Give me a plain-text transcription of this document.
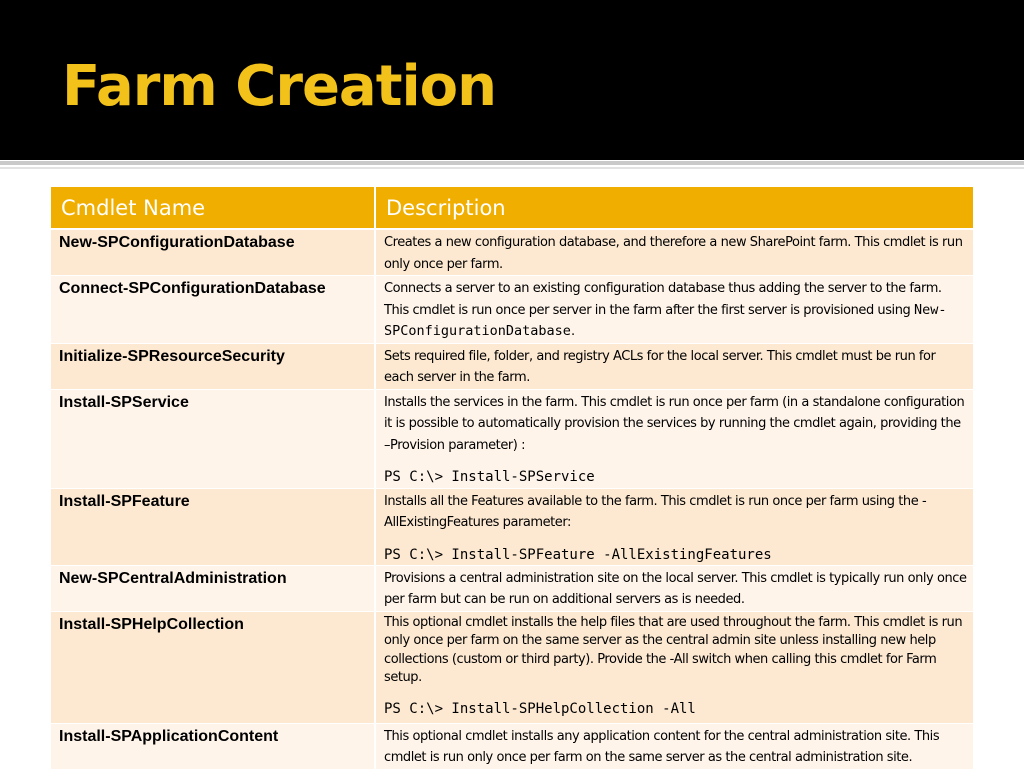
Farm Creation
Cmdlet Name	Description
New-SPConfigurationDatabase	Creates a new configuration database, and therefore a new SharePoint farm. This cmdlet is run only once per farm.
Connect-SPConfigurationDatabase	Connects a server to an existing configuration database thus adding the server to the farm. This cmdlet is run once per server in the farm after the first server is provisioned using New-SPConfigurationDatabase.
Initialize-SPResourceSecurity	Sets required file, folder, and registry ACLs for the local server. This cmdlet must be run for each server in the farm.
Install-SPService	Installs the services in the farm. This cmdlet is run once per farm (in a standalone configuration it is possible to automatically provision the services by running the cmdlet again, providing the –Provision parameter) :
PS C:\> Install-SPService

Install-SPFeature	Installs all the Features available to the farm. This cmdlet is run once per farm using the -AllExistingFeatures parameter:
PS C:\> Install-SPFeature -AllExistingFeatures

New-SPCentralAdministration	Provisions a central administration site on the local server. This cmdlet is typically run only once per farm but can be run on additional servers as is needed.
Install-SPHelpCollection	This optional cmdlet installs the help files that are used throughout the farm. This cmdlet is run only once per farm on the same server as the central admin site unless installing new help collections (custom or third party). Provide the -All switch when calling this cmdlet for Farm setup.
PS C:\> Install-SPHelpCollection -All

Install-SPApplicationContent	This optional cmdlet installs any application content for the central administration site. This cmdlet is run only once per farm on the same server as the central administration site.
